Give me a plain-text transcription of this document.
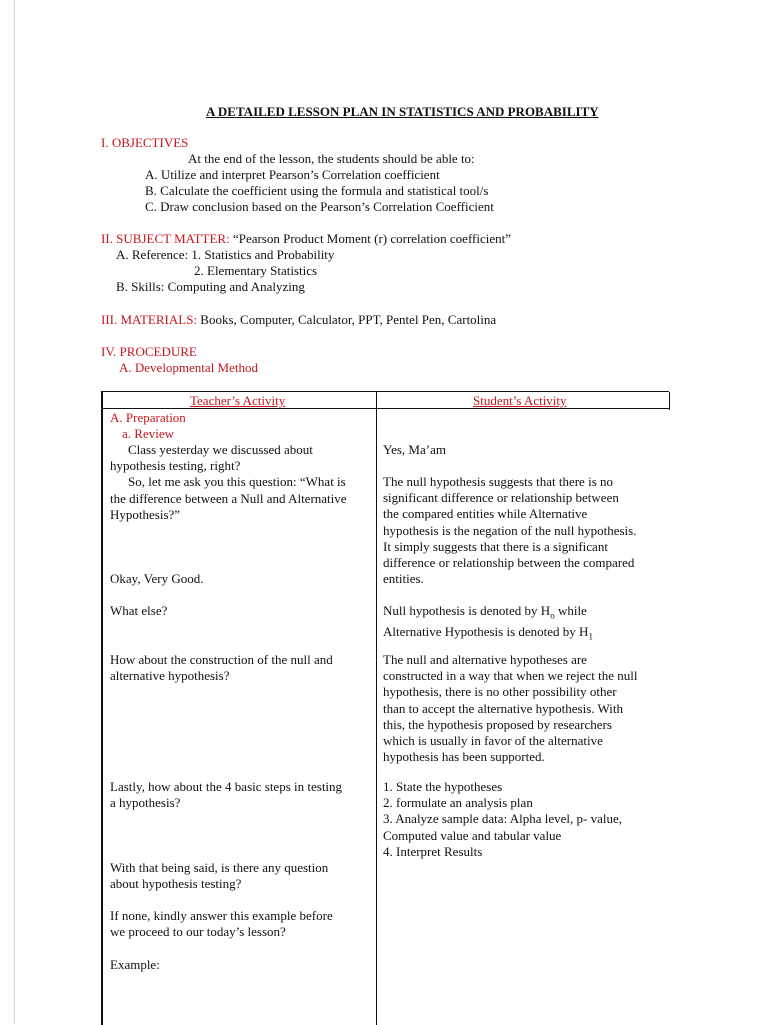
A DETAILED LESSON PLAN IN STATISTICS AND PROBABILITY
I. OBJECTIVES
At the end of the lesson, the students should be able to:
A. Utilize and interpret Pearson’s Correlation coefficient
B. Calculate the coefficient using the formula and statistical tool/s
C. Draw conclusion based on the Pearson’s Correlation Coefficient
II. SUBJECT MATTER: “Pearson Product Moment (r) correlation coefficient”
A. Reference: 1. Statistics and Probability
2. Elementary Statistics
B. Skills: Computing and Analyzing
III. MATERIALS: Books, Computer, Calculator, PPT, Pentel Pen, Cartolina
IV. PROCEDURE
A. Developmental Method
Teacher’s Activity	Student’s Activity
A. Preparation
a. Review

Class yesterday we discussed about

hypothesis testing, right?

So, let me ask you this question: “What is

the difference between a Null and Alternative

Hypothesis?”

Okay, Very Good.
What else?

How about the construction of the null and

alternative hypothesis?

Lastly, how about the 4 basic steps in testing

a hypothesis?

With that being said, is there any question

about hypothesis testing?

If none, kindly answer this example before

we proceed to our today’s lesson?

Example:
Yes, Ma’am

The null hypothesis suggests that there is no

significant difference or relationship between

the compared entities while Alternative

hypothesis is the negation of the null hypothesis.

It simply suggests that there is a significant

difference or relationship between the compared

entities.

Null hypothesis is denoted by $H_o$ while

Alternative Hypothesis is denoted by $H_1$

The null and alternative hypotheses are

constructed in a way that when we reject the null

hypothesis, there is no other possibility other

than to accept the alternative hypothesis. With

this, the hypothesis proposed by researchers

which is usually in favor of the alternative

hypothesis has been supported.

1. State the hypotheses

2. formulate an analysis plan

3. Analyze sample data: Alpha level, p- value,

Computed value and tabular value

4. Interpret Results
